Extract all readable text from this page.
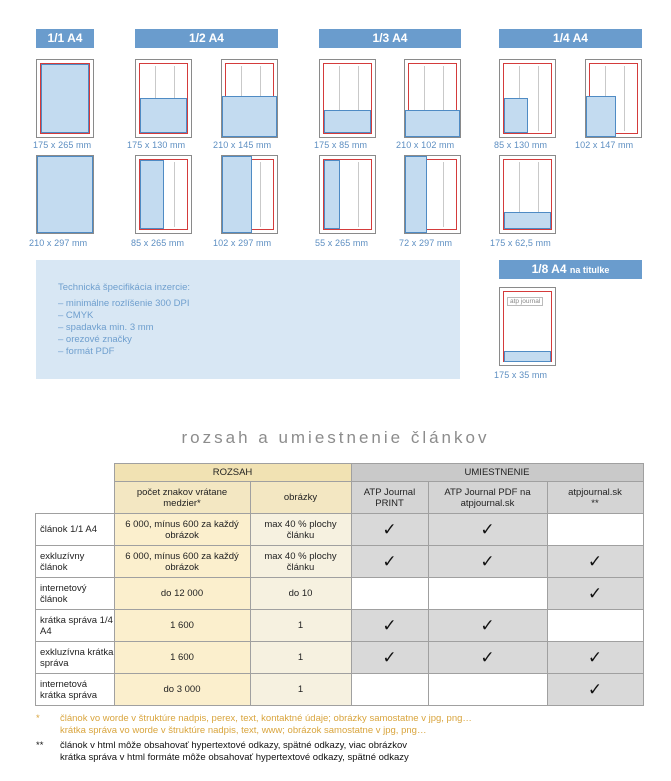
1/1 A4	1/2 A4	1/3 A4	1/4 A4
175 x 265 mm	175 x 130 mm	210 x 145 mm	175 x 85 mm	210 x 102 mm	85 x 130 mm	102 x 147 mm
210 x 297 mm	85 x 265 mm	102 x 297 mm	55 x 265 mm	72 x 297 mm	175 x 62,5 mm
Technická špecifikácia inzercie:
– minimálne rozlíšenie 300 DPI
– CMYK
– spadavka min. 3 mm
– orezové značky
– formát PDF
1/8 A4 na titulke
atp journal
175 x 35 mm
rozsah a umiestnenie článkov
	ROZSAH		UMIESTNENIE		

	počet znakov vrátane medzier*	obrázky	ATP Journal PRINT	ATP Journal PDF na atpjournal.sk	atpjournal.sk **

článok 1/1 A4	6 000, mínus 600 za každý obrázok	max 40 % plochy článku	✓	✓	
exkluzívny článok	6 000, mínus 600 za každý obrázok	max 40 % plochy článku	✓	✓	✓
internetový článok	do 12 000	do 10			✓
krátka správa 1/4 A4	1 600	1	✓	✓	
exkluzívna krátka správa	1 600	1	✓	✓	✓
internetová krátka správa	do 3 000	1			✓
* článok vo worde v štruktúre nadpis, perex, text, kontaktné údaje; obrázky samostatne v jpg, png…
krátka správa vo worde v štruktúre nadpis, text, www; obrázok samostatne v jpg, png…
** článok v html môže obsahovať hypertextové odkazy, spätné odkazy, viac obrázkov
krátka správa v html formáte môže obsahovať hypertextové odkazy, spätné odkazy
